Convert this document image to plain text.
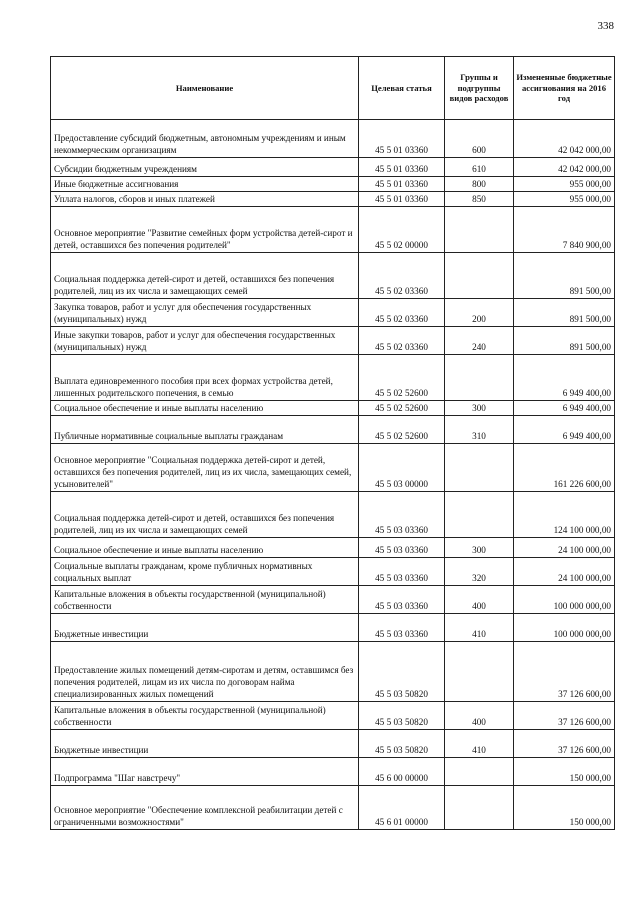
338
Наименование	Целевая статья	Группы и подгруппы видов расходов	Измененные бюджетные ассигнования на 2016 год
Предоставление субсидий бюджетным, автономным учреждениям и иным некоммерческим организациям	45 5 01 03360	600	42 042 000,00
Субсидии бюджетным учреждениям	45 5 01 03360	610	42 042 000,00
Иные бюджетные ассигнования	45 5 01 03360	800	955 000,00
Уплата налогов, сборов и иных платежей	45 5 01 03360	850	955 000,00
Основное мероприятие "Развитие семейных форм устройства детей-сирот и детей, оставшихся без попечения родителей"	45 5 02 00000		7 840 900,00
Социальная поддержка детей-сирот и детей, оставшихся без попечения родителей, лиц из их числа и замещающих семей	45 5 02 03360		891 500,00
Закупка товаров, работ и услуг для обеспечения государственных (муниципальных) нужд	45 5 02 03360	200	891 500,00
Иные закупки товаров, работ и услуг для обеспечения государственных (муниципальных) нужд	45 5 02 03360	240	891 500,00
Выплата единовременного пособия при всех формах устройства детей, лишенных родительского попечения, в семью	45 5 02 52600		6 949 400,00
Социальное обеспечение и иные выплаты населению	45 5 02 52600	300	6 949 400,00
Публичные нормативные социальные выплаты гражданам	45 5 02 52600	310	6 949 400,00
Основное мероприятие "Социальная поддержка детей-сирот и детей, оставшихся без попечения родителей, лиц из их числа, замещающих семей, усыновителей"	45 5 03 00000		161 226 600,00
Социальная поддержка детей-сирот и детей, оставшихся без попечения родителей, лиц из их числа и замещающих семей	45 5 03 03360		124 100 000,00
Социальное обеспечение и иные выплаты населению	45 5 03 03360	300	24 100 000,00
Социальные выплаты гражданам, кроме публичных нормативных социальных выплат	45 5 03 03360	320	24 100 000,00
Капитальные вложения в объекты государственной (муниципальной) собственности	45 5 03 03360	400	100 000 000,00
Бюджетные инвестиции	45 5 03 03360	410	100 000 000,00
Предоставление жилых помещений детям-сиротам и детям, оставшимся без попечения родителей, лицам из их числа по договорам найма специализированных жилых помещений	45 5 03 50820		37 126 600,00
Капитальные вложения в объекты государственной (муниципальной) собственности	45 5 03 50820	400	37 126 600,00
Бюджетные инвестиции	45 5 03 50820	410	37 126 600,00
Подпрограмма "Шаг навстречу"	45 6 00 00000		150 000,00
Основное мероприятие "Обеспечение комплексной реабилитации детей с ограниченными возможностями"	45 6 01 00000		150 000,00
